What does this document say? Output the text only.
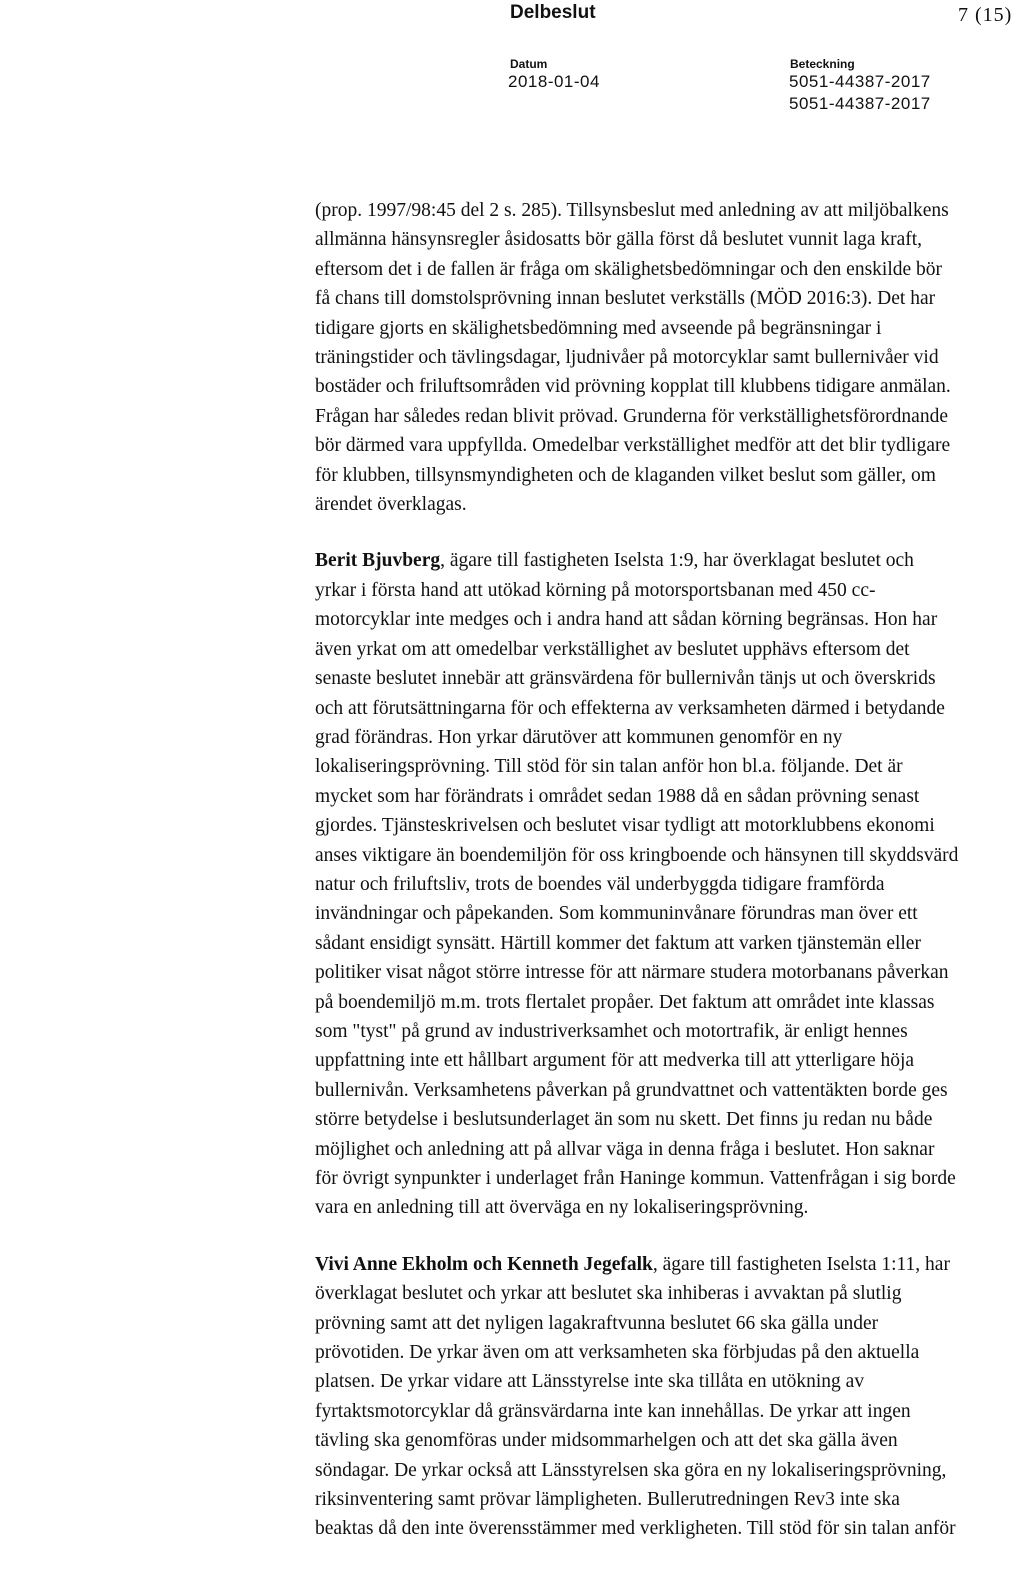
Delbeslut	7 (15)
Datum
2018-01-04
Beteckning
5051-44387-2017
5051-44387-2017

(prop. 1997/98:45 del 2 s. 285). Tillsynsbeslut med anledning av att miljöbalkens
allmänna hänsynsregler åsidosatts bör gälla först då beslutet vunnit laga kraft,
eftersom det i de fallen är fråga om skälighetsbedömningar och den enskilde bör
få chans till domstolsprövning innan beslutet verkställs (MÖD 2016:3). Det har
tidigare gjorts en skälighetsbedömning med avseende på begränsningar i
träningstider och tävlingsdagar, ljudnivåer på motorcyklar samt bullernivåer vid
bostäder och friluftsområden vid prövning kopplat till klubbens tidigare anmälan.
Frågan har således redan blivit prövad. Grunderna för verkställighetsförordnande
bör därmed vara uppfyllda. Omedelbar verkställighet medför att det blir tydligare
för klubben, tillsynsmyndigheten och de klaganden vilket beslut som gäller, om
ärendet överklagas.

Berit Bjuvberg, ägare till fastigheten Iselsta 1:9, har överklagat beslutet och
yrkar i första hand att utökad körning på motorsportsbanan med 450 cc-
motorcyklar inte medges och i andra hand att sådan körning begränsas. Hon har
även yrkat om att omedelbar verkställighet av beslutet upphävs eftersom det
senaste beslutet innebär att gränsvärdena för bullernivån tänjs ut och överskrids
och att förutsättningarna för och effekterna av verksamheten därmed i betydande
grad förändras. Hon yrkar därutöver att kommunen genomför en ny
lokaliseringsprövning. Till stöd för sin talan anför hon bl.a. följande. Det är
mycket som har förändrats i området sedan 1988 då en sådan prövning senast
gjordes. Tjänsteskrivelsen och beslutet visar tydligt att motorklubbens ekonomi
anses viktigare än boendemiljön för oss kringboende och hänsynen till skyddsvärd
natur och friluftsliv, trots de boendes väl underbyggda tidigare framförda
invändningar och påpekanden. Som kommuninvånare förundras man över ett
sådant ensidigt synsätt. Härtill kommer det faktum att varken tjänstemän eller
politiker visat något större intresse för att närmare studera motorbanans påverkan
på boendemiljö m.m. trots flertalet propåer. Det faktum att området inte klassas
som "tyst" på grund av industriverksamhet och motortrafik, är enligt hennes
uppfattning inte ett hållbart argument för att medverka till att ytterligare höja
bullernivån. Verksamhetens påverkan på grundvattnet och vattentäkten borde ges
större betydelse i beslutsunderlaget än som nu skett. Det finns ju redan nu både
möjlighet och anledning att på allvar väga in denna fråga i beslutet. Hon saknar
för övrigt synpunkter i underlaget från Haninge kommun. Vattenfrågan i sig borde
vara en anledning till att överväga en ny lokaliseringsprövning.

Vivi Anne Ekholm och Kenneth Jegefalk, ägare till fastigheten Iselsta 1:11, har
överklagat beslutet och yrkar att beslutet ska inhiberas i avvaktan på slutlig
prövning samt att det nyligen lagakraftvunna beslutet 66 ska gälla under
prövotiden. De yrkar även om att verksamheten ska förbjudas på den aktuella
platsen. De yrkar vidare att Länsstyrelse inte ska tillåta en utökning av
fyrtaktsmotorcyklar då gränsvärdarna inte kan innehållas. De yrkar att ingen
tävling ska genomföras under midsommarhelgen och att det ska gälla även
söndagar. De yrkar också att Länsstyrelsen ska göra en ny lokaliseringsprövning,
riksinventering samt prövar lämpligheten. Bullerutredningen Rev3 inte ska
beaktas då den inte överensstämmer med verkligheten. Till stöd för sin talan anför
